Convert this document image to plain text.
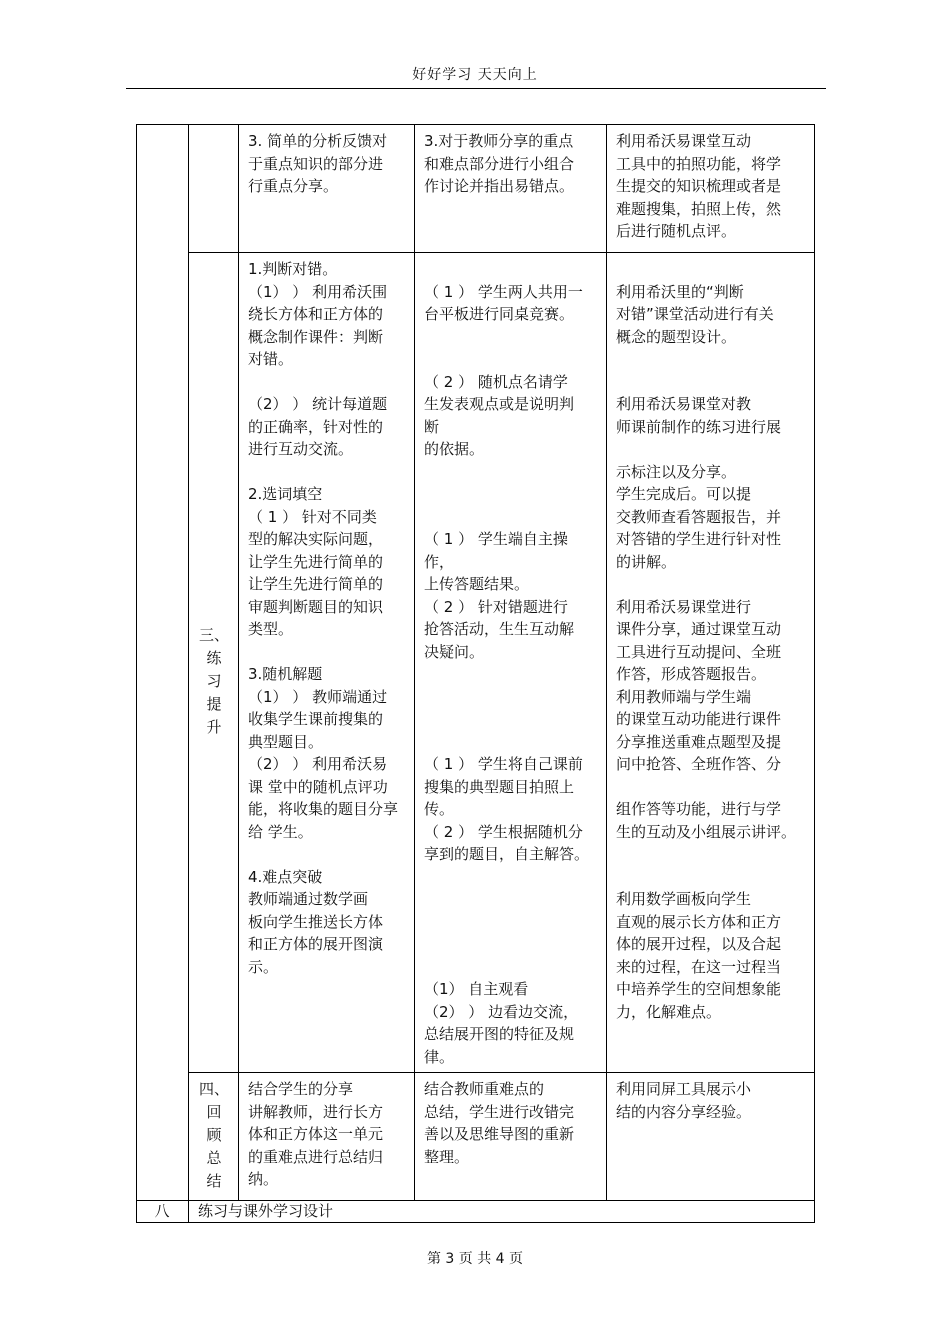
好好学习 天天向上
3. 简单的分析反馈对
于重点知识的部分进
行重点分享。
3.对于教师分享的重点
和难点部分进行小组合
作讨论并指出易错点。
利用希沃易课堂互动
工具中的拍照功能，将学
生提交的知识梳理或者是
难题搜集，拍照上传，然
后进行随机点评。
三、
练
习
提
升
1.判断对错。
（1） ） 利用希沃围
绕长方体和正方体的
概念制作课件：判断
对错。

（2） ） 统计每道题
的正确率，针对性的
进行互动交流。

2.选词填空
（ 1 ） 针对不同类
型的解决实际问题，
让学生先进行简单的
让学生先进行简单的
审题判断题目的知识
类型。

3.随机解题
（1） ） 教师端通过
收集学生课前搜集的
典型题目。
（2） ） 利用希沃易
课 堂中的随机点评功
能，将收集的题目分享
给 学生。

4.难点突破
教师端通过数学画
板向学生推送长方体
和正方体的展开图演
示。

（ 1 ） 学生两人共用一
台平板进行同桌竞赛。

（ 2 ） 随机点名请学
生发表观点或是说明判
断
的依据。

（ 1 ） 学生端自主操
作，
上传答题结果。
（ 2 ） 针对错题进行
抢答活动，生生互动解
决疑问。

（ 1 ） 学生将自己课前
搜集的典型题目拍照上
传。
（ 2 ） 学生根据随机分
享到的题目，自主解答。

（1） 自主观看
（2） ） 边看边交流，
总结展开图的特征及规
律。

利用希沃里的“判断
对错”课堂活动进行有关
概念的题型设计。

利用希沃易课堂对教
师课前制作的练习进行展

示标注以及分享。
学生完成后。可以提
交教师查看答题报告，并
对答错的学生进行针对性
的讲解。

利用希沃易课堂进行
课件分享，通过课堂互动
工具进行互动提问、全班
作答，形成答题报告。
利用教师端与学生端
的课堂互动功能进行课件
分享推送重难点题型及提
问中抢答、全班作答、分

组作答等功能，进行与学
生的互动及小组展示讲评。

利用数学画板向学生
直观的展示长方体和正方
体的展开过程，以及合起
来的过程，在这一过程当
中培养学生的空间想象能
力，化解难点。
四、
回
顾
总
结
结合学生的分享
讲解教师，进行长方
体和正方体这一单元
的重难点进行总结归
纳。
结合教师重难点的
总结，学生进行改错完
善以及思维导图的重新
整理。
利用同屏工具展示小
结的内容分享经验。
八	练习与课外学习设计
第 3 页 共 4 页
